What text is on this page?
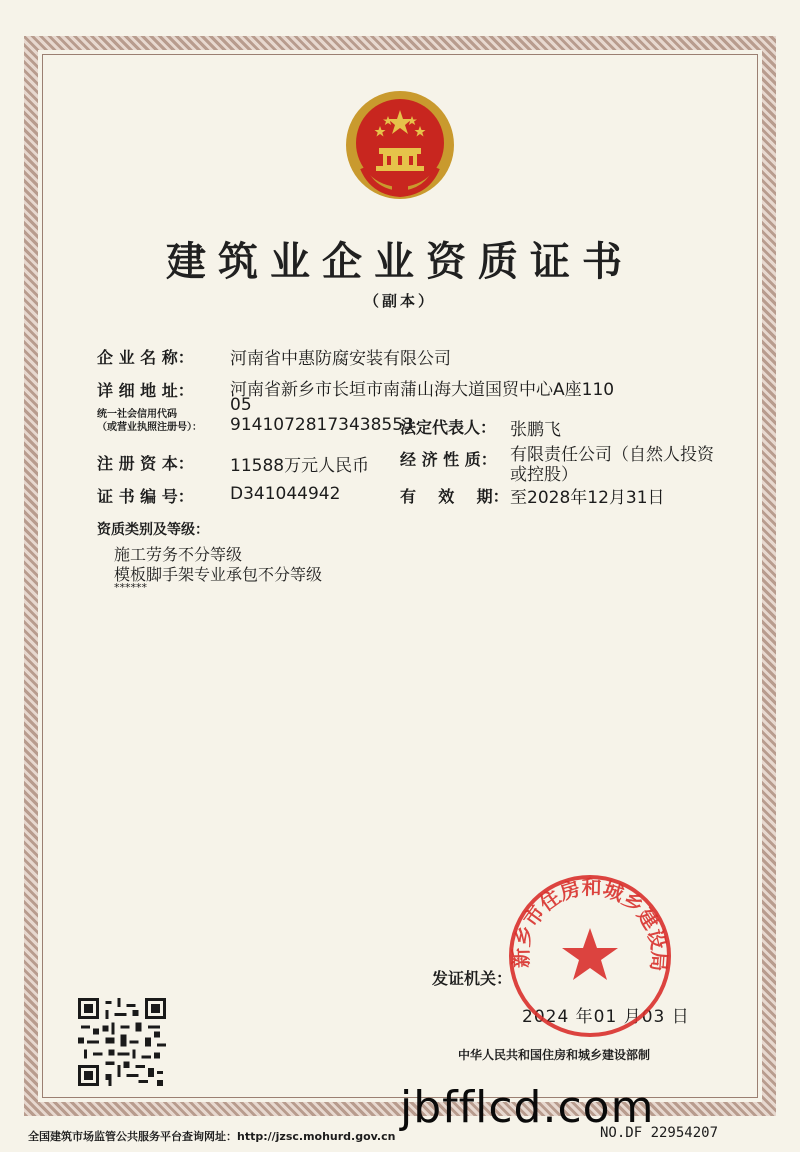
建筑业企业资质证书
（副本）
企 业 名 称： 河南省中惠防腐安装有限公司
详 细 地 址： 河南省新乡市长垣市南蒲山海大道国贸中心A座110
05
统一社会信用代码
（或营业执照注册号）： 91410728173438553
法定代表人： 张鹏飞
注 册 资 本： 11588万元人民币 经 济 性 质： 有限责任公司（自然人投资
或控股）
证 书 编 号： D341044942	有    效    期： 至2028年12月31日
资质类别及等级：
施工劳务不分等级
模板脚手架专业承包不分等级
******
发证机关：
2024 年01 月03 日
中华人民共和国住房和城乡建设部制
新乡市住房和城乡建设局
jbfflcd.com
全国建筑市场监管公共服务平台查询网址：http://jzsc.mohurd.gov.cn	NO.DF 22954207
